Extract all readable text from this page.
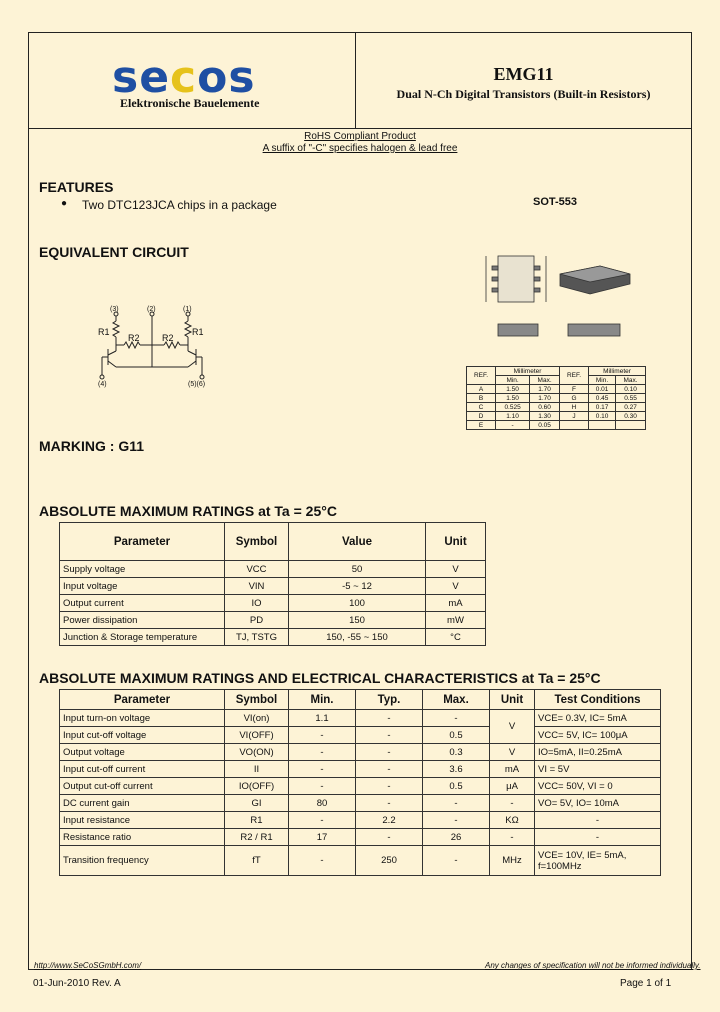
secos
Elektronische Bauelemente
EMG11
Dual N-Ch Digital Transistors (Built-in Resistors)
RoHS Compliant Product
A suffix of "-C" specifies halogen & lead free
FEATURES
● Two DTC123JCA chips in a package	SOT-553
EQUIVALENT CIRCUIT
(3)	(2)	(1)
(4)	(5)(6)
R1
R2 R2
R1
REF.	Millimeter		REF.	Millimeter	
	Min.	Max.		Min.	Max.
A	1.50	1.70	F	0.01	0.10
B	1.50	1.70	G	0.45	0.55
C	0.525	0.60	H	0.17	0.27
D	1.10	1.30	J	0.10	0.30
E	-	0.05			
MARKING : G11
ABSOLUTE MAXIMUM RATINGS at Ta = 25°C
Parameter	Symbol	Value	Unit
Supply voltage	VCC	50	V
Input voltage	VIN	-5 ~ 12	V
Output current	IO	100	mA
Power dissipation	PD	150	mW
Junction & Storage temperature	TJ, TSTG	150, -55 ~ 150	°C
ABSOLUTE MAXIMUM RATINGS AND ELECTRICAL CHARACTERISTICS at Ta = 25°C
Parameter	Symbol	Min.	Typ.	Max.	Unit	Test Conditions
Input turn-on voltage	VI(on)	1.1	-	-	V	VCE= 0.3V, IC= 5mA
Input cut-off voltage	VI(OFF)	-	-	0.5		VCC= 5V, IC= 100μA
Output voltage	VO(ON)	-	-	0.3	V	IO=5mA, II=0.25mA
Input cut-off current	II	-	-	3.6	mA	VI = 5V
Output cut-off current	IO(OFF)	-	-	0.5	μA	VCC= 50V, VI = 0
DC current gain	GI	80	-	-	-	VO= 5V, IO= 10mA
Input resistance	R1	-	2.2	-	KΩ	-
Resistance ratio	R2 / R1	17	-	26	-	-
Transition frequency	fT	-	250	-	MHz	VCE= 10V, IE= 5mA,
f=100MHz
http://www.SeCoSGmbH.com/	Any changes of specification will not be informed individually.
01-Jun-2010 Rev. A	Page 1 of 1
